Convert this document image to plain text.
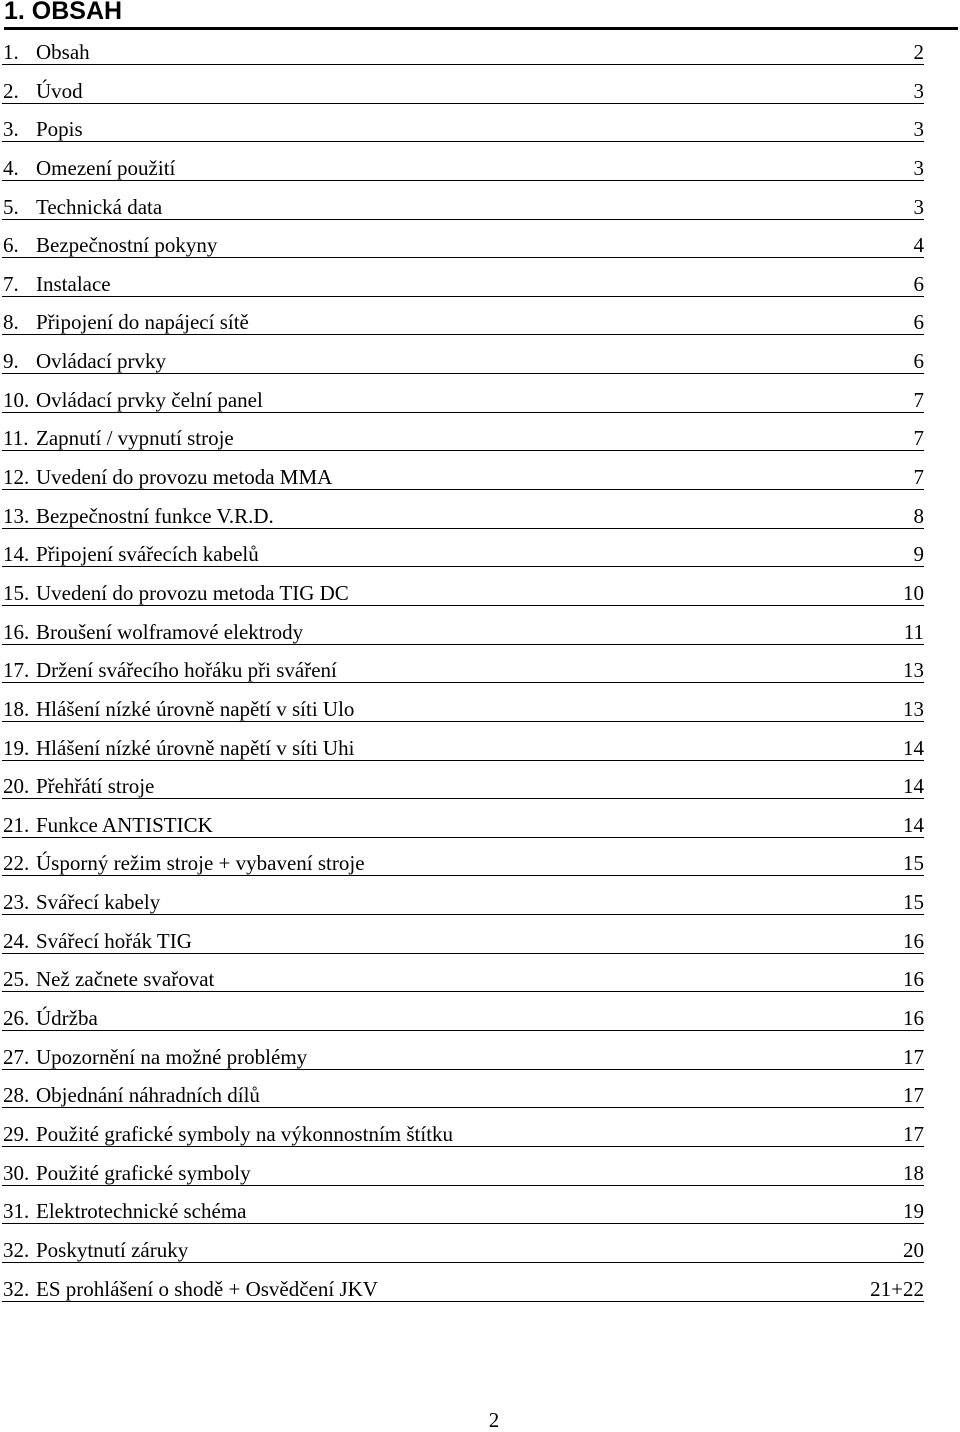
1. OBSAH
1. Obsah	2
2. Úvod	3
3. Popis	3
4. Omezení použití	3
5. Technická data	3
6. Bezpečnostní pokyny	4
7. Instalace	6
8. Připojení do napájecí sítě	6
9. Ovládací prvky	6
10. Ovládací prvky čelní panel	7
11. Zapnutí / vypnutí stroje	7
12. Uvedení do provozu metoda MMA	7
13. Bezpečnostní funkce V.R.D.	8
14. Připojení svářecích kabelů	9
15. Uvedení do provozu metoda TIG DC	10
16. Broušení wolframové elektrody	11
17. Držení svářecího hořáku při sváření	13
18. Hlášení nízké úrovně napětí v síti Ulo	13
19. Hlášení nízké úrovně napětí v síti Uhi	14
20. Přehřátí stroje	14
21. Funkce ANTISTICK	14
22. Úsporný režim stroje + vybavení stroje	15
23. Svářecí kabely	15
24. Svářecí hořák TIG	16
25. Než začnete svařovat	16
26. Údržba	16
27. Upozornění na možné problémy	17
28. Objednání náhradních dílů	17
29. Použité grafické symboly na výkonnostním štítku	17
30. Použité grafické symboly	18
31. Elektrotechnické schéma	19
32. Poskytnutí záruky	20
32. ES prohlášení o shodě + Osvědčení JKV	21+22
2
